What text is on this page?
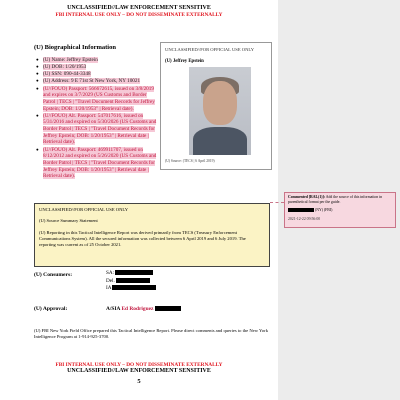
UNCLASSIFIED//LAW ENFORCEMENT SENSITIVE
FBI INTERNAL USE ONLY – DO NOT DISSEMINATE EXTERNALLY
(U) Biographical Information
● (U) Name: Jeffrey Epstein
● (U) DOB: 1/20/1953
● (U) SSN: 090-44-3348
● (U) Address: 9 E 71st St New York, NY 10021
● (U//FOUO) Passport: 566672615, issued on 3/8/2019 and expires on 3/7/2029 (US Customs and Border Patrol | TECS | "Travel Document Records for Jeffrey Epstein; DOB: 1/20/1953" | Retrieval date).
● (U//FOUO) Alt. Passport: 547017616, issued on 5/31/2016 and expired on 5/30/2026 (US Customs and Border Patrol | TECS | "Travel Document Records for Jeffrey Epstein; DOB: 1/20/1953" | Retrieval date | Retrieval date).
● (U//FOUO) Alt. Passport: 469911707, issued on 8/12/2012 and expired on 5/26/2020 (US Customs and Border Patrol | TECS | "Travel Document Records for Jeffrey Epstein; DOB: 1/20/1953" | Retrieval date | Retrieval date).
UNCLASSIFIED//FOR OFFICIAL USE ONLY
(U) Jeffrey Epstein
(U) Source: (TECS | 6 April 2019)
UNCLASSIFIED//FOR OFFICIAL USE ONLY
(U) Source Summary Statement
(U) Reporting in this Tactical Intelligence Report was derived primarily from TECS (Treasury Enforcement Communications System). All the secured information was collected between 6 April 2019 and 6 July 2019. The reporting was current as of 25 October 2021.
(U) Consumers:	SA:
Del.
IA
(U) Approval:	A/SIA Ed Rodriguez
(U) FBI New York Field Office prepared this Tactical Intelligence Report. Please direct comments and queries to the New York Intelligence Program at 1-914-925-3700.
FBI INTERNAL USE ONLY – DO NOT DISSEMINATE EXTERNALLY
UNCLASSIFIED//LAW ENFORCEMENT SENSITIVE
5
Commented [RAL(1)]: Add the source of this information in parenthetical format per the guide.
(NY) (FBI)
2021-12-22 09:56:00
